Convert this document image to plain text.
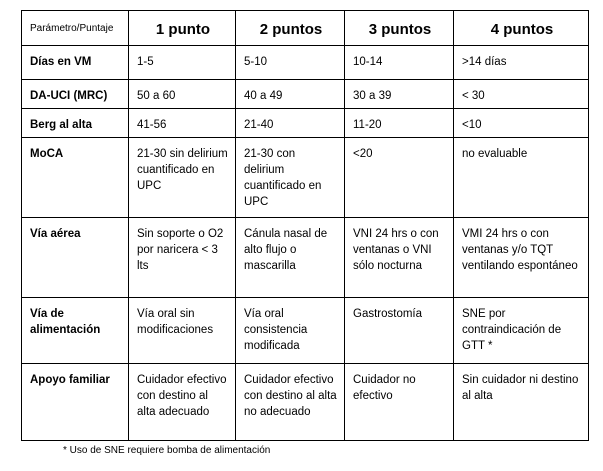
Parámetro/Puntaje	1 punto	2 puntos	3 puntos	4 puntos
Días en VM	1-5	5-10	10-14	>14 días
DA-UCI (MRC)	50 a 60	40 a 49	30 a 39	< 30
Berg al alta	41-56	21-40	11-20	<10
MoCA	21-30 sin delirium cuantificado en UPC	21-30 con delirium cuantificado en UPC	<20	no evaluable
Vía aérea	Sin soporte o O2 por naricera < 3 lts	Cánula nasal de alto flujo o mascarilla	VNI 24 hrs o con ventanas o VNI sólo nocturna	VMI 24 hrs o con ventanas y/o TQT ventilando espontáneo
Vía de alimentación	Vía oral sin modificaciones	Vía oral consistencia modificada	Gastrostomía	SNE por contraindicación de GTT *
Apoyo familiar	Cuidador efectivo con destino al alta adecuado	Cuidador efectivo con destino al alta no adecuado	Cuidador no efectivo	Sin cuidador ni destino al alta
* Uso de SNE requiere bomba de alimentación
